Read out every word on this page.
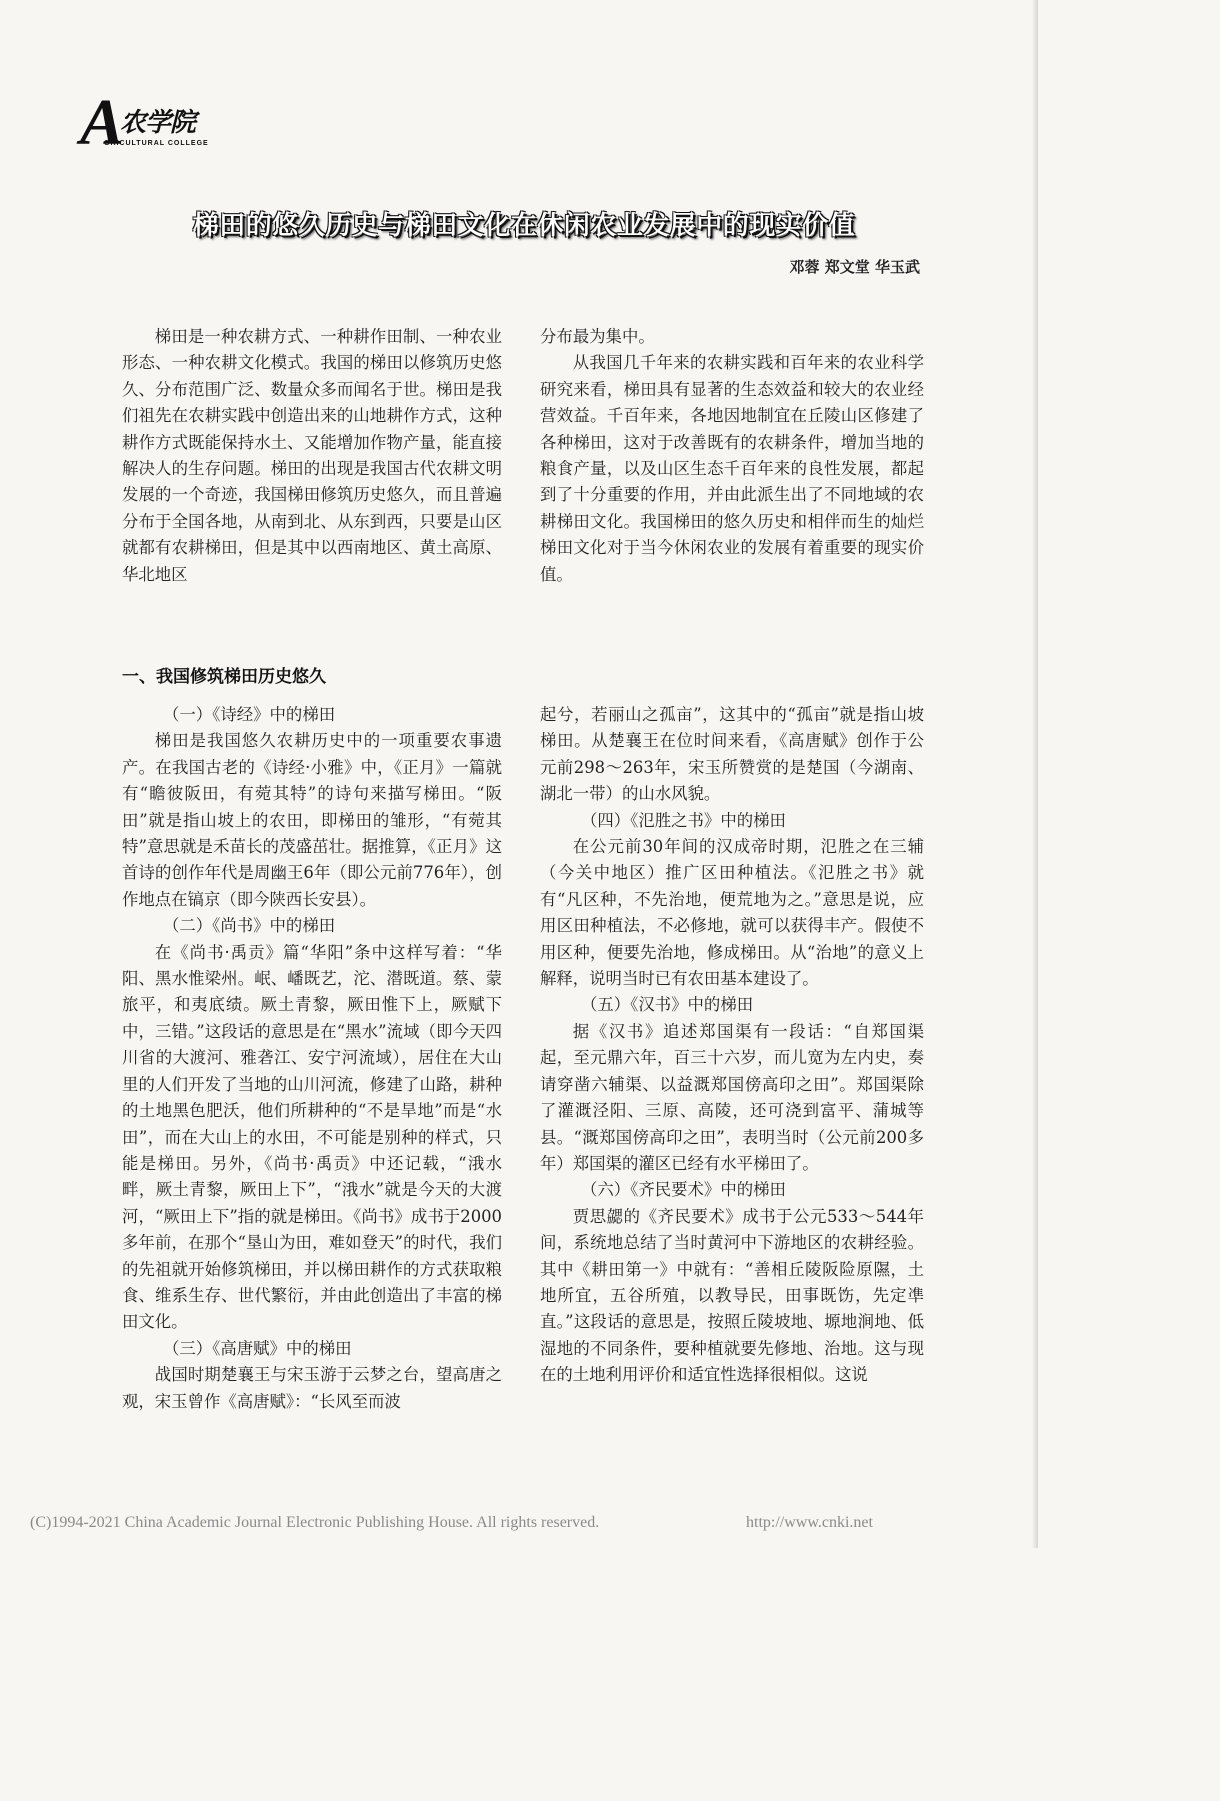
A
农学院
GRICULTURAL COLLEGE
梯田的悠久历史与梯田文化在休闲农业发展中的现实价值
邓蓉 郑文堂 华玉武

梯田是一种农耕方式、一种耕作田制、一种农业形态、一种农耕文化模式。我国的梯田以修筑历史悠久、分布范围广泛、数量众多而闻名于世。梯田是我们祖先在农耕实践中创造出来的山地耕作方式，这种耕作方式既能保持水土、又能增加作物产量，能直接解决人的生存问题。梯田的出现是我国古代农耕文明发展的一个奇迹，我国梯田修筑历史悠久，而且普遍分布于全国各地，从南到北、从东到西，只要是山区就都有农耕梯田，但是其中以西南地区、黄土高原、华北地区

分布最为集中。

从我国几千年来的农耕实践和百年来的农业科学研究来看，梯田具有显著的生态效益和较大的农业经营效益。千百年来，各地因地制宜在丘陵山区修建了各种梯田，这对于改善既有的农耕条件，增加当地的粮食产量，以及山区生态千百年来的良性发展，都起到了十分重要的作用，并由此派生出了不同地域的农耕梯田文化。我国梯田的悠久历史和相伴而生的灿烂梯田文化对于当今休闲农业的发展有着重要的现实价值。

一、我国修筑梯田历史悠久

（一）《诗经》中的梯田

梯田是我国悠久农耕历史中的一项重要农事遗产。在我国古老的《诗经·小雅》中，《正月》一篇就有“瞻彼阪田，有菀其特”的诗句来描写梯田。“阪田”就是指山坡上的农田，即梯田的雏形，“有菀其特”意思就是禾苗长的茂盛茁壮。据推算，《正月》这首诗的创作年代是周幽王6年（即公元前776年），创作地点在镐京（即今陕西长安县）。

（二）《尚书》中的梯田

在《尚书·禹贡》篇“华阳”条中这样写着：“华阳、黑水惟梁州。岷、嶓既艺，沱、潜既道。蔡、蒙旅平，和夷底绩。厥土青黎，厥田惟下上，厥赋下中，三错。”这段话的意思是在“黑水”流域（即今天四川省的大渡河、雅砻江、安宁河流域），居住在大山里的人们开发了当地的山川河流，修建了山路，耕种的土地黑色肥沃，他们所耕种的“不是旱地”而是“水田”，而在大山上的水田，不可能是别种的样式，只能是梯田。另外，《尚书·禹贡》中还记载，“涐水畔，厥土青黎，厥田上下”，“涐水”就是今天的大渡河，“厥田上下”指的就是梯田。《尚书》成书于2000多年前，在那个“垦山为田，难如登天”的时代，我们的先祖就开始修筑梯田，并以梯田耕作的方式获取粮食、维系生存、世代繁衍，并由此创造出了丰富的梯田文化。

（三）《高唐赋》中的梯田

战国时期楚襄王与宋玉游于云梦之台，望高唐之观，宋玉曾作《高唐赋》：“长风至而波

起兮，若丽山之孤亩”，这其中的“孤亩”就是指山坡梯田。从楚襄王在位时间来看，《高唐赋》创作于公元前298～263年，宋玉所赞赏的是楚国（今湖南、湖北一带）的山水风貌。

（四）《氾胜之书》中的梯田

在公元前30年间的汉成帝时期，氾胜之在三辅（今关中地区）推广区田种植法。《氾胜之书》就有“凡区种，不先治地，便荒地为之。”意思是说，应用区田种植法，不必修地，就可以获得丰产。假使不用区种，便要先治地，修成梯田。从“治地”的意义上解释，说明当时已有农田基本建设了。

（五）《汉书》中的梯田

据《汉书》追述郑国渠有一段话：“自郑国渠起，至元鼎六年，百三十六岁，而儿宽为左内史，奏请穿凿六辅渠、以益溉郑国傍高印之田”。郑国渠除了灌溉泾阳、三原、高陵，还可浇到富平、蒲城等县。“溉郑国傍高印之田”，表明当时（公元前200多年）郑国渠的灌区已经有水平梯田了。

（六）《齐民要术》中的梯田

贾思勰的《齐民要术》成书于公元533～544年间，系统地总结了当时黄河中下游地区的农耕经验。其中《耕田第一》中就有：“善相丘陵阪险原隰，土地所宜，五谷所殖，以教导民，田事既饬，先定凖直。”这段话的意思是，按照丘陵坡地、塬地涧地、低湿地的不同条件，要种植就要先修地、治地。这与现在的土地利用评价和适宜性选择很相似。这说

(C)1994-2021 China Academic Journal Electronic Publishing House. All rights reserved.	http://www.cnki.net
